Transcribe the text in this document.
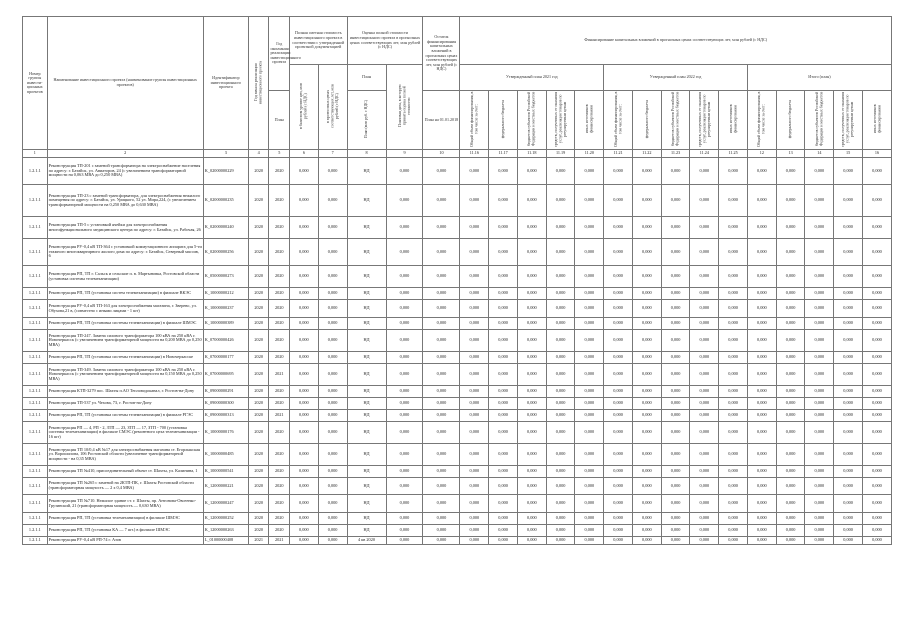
Номер группы инвести-ционных проектов	Наименование инвестиционного проекта (наименование группы инвестиционных проектов)	Идентификатор инвестиционного проекта	Год начала реализации инвестиционного проекта	Год окончания реализации инвестиционного проекта	Полная сметная стоимость инвестиционного проекта в соответствии с утвержденной проектной документацией		Оценка полной стоимости инвестиционного проекта в прогнозных ценах соответствующих лет, млн рублей (с НДС)		Остаток финансирования капитальных вложений в прогнозных ценах соответствующих лет, млн рублей (с НДС)	Финансирование капитальных вложений в прогнозных ценах соответствующих лет, млн рублей (с НДС)														
					в базисном уровне цен, млн рублей (с НДС)	в прогнозных ценах соответствующих лет, млн рублей (с НДС)	План	Плановая дата, в которую принята оценка полной стоимости		Утвержденный план 2021 год					Утвержденный план 2022 год					Итого (план)				
				План			План (млн руб. с НДС)		План на 01.01.2018	Общий объем финансирования, в том числе за счет:	федерального бюджета	бюджетов субъектов Российской Федерации и местных бюджетов	средств, полученных от оказания услуг, реализации товаров по регулируемым ценам	иных источников финансирования	Общий объем финансирования, в том числе за счет:	федерального бюджета	бюджетов субъектов Российской Федерации и местных бюджетов	средств, полученных от оказания услуг, реализации товаров по регулируемым ценам	иных источников финансирования	Общий объем финансирования, в том числе за счет:	федерального бюджета	бюджетов субъектов Российской Федерации и местных бюджетов	средств, полученных от оказания услуг, реализации товаров по регулируемым ценам	иных источников финансирования
1	2	3	4	5	6	7	8	9	10	11.16	11.17	11.18	11.19	11.20	11.21	11.22	11.23	11.24	11.25	12	13	14	15	16
1.2.1.1	Реконструкция ТП-201 с заменой трансформатора на электроснабжение населения по адресу: г. Батайск, ул. Авиаторов, 24 (с увеличением трансформаторной мощности на 0,063 МВА до 0,250 МВА)	K_02000000229	2020	2020	0,000	0,000	НД	0,000	0,000	0,000	0,000	0,000	0,000	0,000	0,000	0,000	0,000	0,000	0,000	0,000	0,000	0,000	0,000	0,000
1.2.1.1	Реконструкция ТП-23 с заменой трансформатора, для электроснабжения нежилого помещения по адресу: г. Батайск, ул. Урицкого, 52 ул. Мира,224, (с увеличением трансформаторной мощности на 0,250 МВА до 0,630 МВА)	K_02000000235	2020	2020	0,000	0,000	НД	0,000	0,000	0,000	0,000	0,000	0,000	0,000	0,000	0,000	0,000	0,000	0,000	0,000	0,000	0,000	0,000	0,000
1.2.1.1	Реконструкция ТП-5 с установкой ячейки для электроснабжения многофункционального медицинского центра по адресу: г. Батайск, ул. Рабочая, 26	K_02000000240	2020	2020	0,000	0,000	НД	0,000	0,000	0,000	0,000	0,000	0,000	0,000	0,000	0,000	0,000	0,000	0,000	0,000	0,000	0,000	0,000	0,000
1.2.1.1	Реконструкция РУ-0,4 кВ ТП-364 с установкой коммутационного аппарата для 5-ти этажного многоквартирного жилого дома по адресу: г. Батайск, Северный массив, 6	K_02000000256	2020	2020	0,000	0,000	НД	0,000	0,000	0,000	0,000	0,000	0,000	0,000	0,000	0,000	0,000	0,000	0,000	0,000	0,000	0,000	0,000	0,000
1.2.1.1	Реконструкция РП, ТП г. Сальск и сельские п. в. Мартыновка, Ростовской области (установка системы телемеханизации)	K_05000000273	2020	2020	0,000	0,000	НД	0,000	0,000	0,000	0,000	0,000	0,000	0,000	0,000	0,000	0,000	0,000	0,000	0,000	0,000	0,000	0,000	0,000
1.2.1.1	Реконструкция РП, ТП (установка систем телемеханизации) в филиале ВКЭС	K_10000000212	2020	2020	0,000	0,000	НД	0,000	0,000	0,000	0,000	0,000	0,000	0,000	0,000	0,000	0,000	0,000	0,000	0,000	0,000	0,000	0,000	0,000
1.2.1.1	Реконструкция РУ-0,4 кВ ТП-163 для электроснабжения магазина, г. Зверево, ул. Обухова,21 в, (совместно с иными лицами - 1 шт)	K_10000000237	2020	2020	0,000	0,000	НД	0,000	0,000	0,000	0,000	0,000	0,000	0,000	0,000	0,000	0,000	0,000	0,000	0,000	0,000	0,000	0,000	0,000
1.2.1.1	Реконструкция РП, ТП (установка системы телемеханизации) в филиале ШМЭС	K_10000000389	2020	2020	0,000	0,000	НД	0,000	0,000	0,000	0,000	0,000	0,000	0,000	0,000	0,000	0,000	0,000	0,000	0,000	0,000	0,000	0,000	0,000
1.2.1.1	Реконструкция ТП-247. Замена силового трансформатора 100 кВА на 250 кВА г. Новочеркасск (с увеличением трансформаторной мощности на 0,200 МВА до 0,250 МВА)	K_07000000426	2020	2020	0,000	0,000	НД	0,000	0,000	0,000	0,000	0,000	0,000	0,000	0,000	0,000	0,000	0,000	0,000	0,000	0,000	0,000	0,000	0,000
1.2.1.1	Реконструкция РП, ТП (установка системы телемеханизации) в Новочеркасске	K_07000000177	2020	2020	0,000	0,000	НД	0,000	0,000	0,000	0,000	0,000	0,000	0,000	0,000	0,000	0,000	0,000	0,000	0,000	0,000	0,000	0,000	0,000
1.2.1.1	Реконструкция ТП-349. Замена силового трансформатора 100 кВА на 250 кВА г. Новочеркасск (с увеличением трансформаторной мощности на 0,150 МВА до 0,250 МВА)	K_07000000695	2020	2021	0,000	0,000	НД	0,000	0,000	0,000	0,000	0,000	0,000	0,000	0,000	0,000	0,000	0,000	0,000	0,000	0,000	0,000	0,000	0,000
1.2.1.1	Реконструкция КТП-3279 пос. Шахты п.АО Тепловодоканал, г. Ростов-на-Дону	K_09000000291	2020	2020	0,000	0,000	НД	0,000	0,000	0,000	0,000	0,000	0,000	0,000	0,000	0,000	0,000	0,000	0,000	0,000	0,000	0,000	0,000	0,000
1.2.1.1	Реконструкция ТП-537 ул. Чехова, 73, г. Ростов-на-Дону	K_09000000300	2020	2020	0,000	0,000	НД	0,000	0,000	0,000	0,000	0,000	0,000	0,000	0,000	0,000	0,000	0,000	0,000	0,000	0,000	0,000	0,000	0,000
1.2.1.1	Реконструкция РП, ТП (установка системы телемеханизации) в филиале РГЭС	K_09000000313	2020	2021	0,000	0,000	НД	0,000	0,000	0,000	0,000	0,000	0,000	0,000	0,000	0,000	0,000	0,000	0,000	0,000	0,000	0,000	0,000	0,000
1.2.1.1	Реконструкция РП — 4, РП - 2, ЗТП — 23, ЗТП — 17, ЗТП - 700 (установка системы телемеханизации) в филиале СМЭС (ремонтного цеха телемеханизации - 16 шт)	K_10000000176	2020	2020	0,000	0,000	НД	0,000	0,000	0,000	0,000	0,000	0,000	0,000	0,000	0,000	0,000	0,000	0,000	0,000	0,000	0,000	0,000	0,000
1.2.1.1	Реконструкция ТП 10/0,4 кВ №17 для электроснабжения магазина ст. Егорлыкская ул. Ворошилова, 106 Ростовской области (увеличение трансформаторной мощности - на 0,35 МВА)	K_10000000485	2020	2020	0,000	0,000	НД	0,000	0,000	0,000	0,000	0,000	0,000	0,000	0,000	0,000	0,000	0,000	0,000	0,000	0,000	0,000	0,000	0,000
1.2.1.1	Реконструкция ТП №410, присоединительный объект ст. Шахты, ул. Калинина, 1	K_10000000541	2020	2020	0,000	0,000	НД	0,000	0,000	0,000	0,000	0,000	0,000	0,000	0,000	0,000	0,000	0,000	0,000	0,000	0,000	0,000	0,000	0,000
1.2.1.1	Реконструкция ТП №265 с заменой на 2КТП-ПК, г. Шахты Ростовской области (трансформаторная мощность — 2 х 0,4 МВА)	K_12000000221	2020	2020	0,000	0,000	НД	0,000	0,000	0,000	0,000	0,000	0,000	0,000	0,000	0,000	0,000	0,000	0,000	0,000	0,000	0,000	0,000	0,000
1.2.1.1	Реконструкция ТП №710. Нежилое здание ст. г. Шахты, пр. Антонова-Овсеенко-Грузинский, 21 (трансформаторная мощность — 0,630 МВА)	K_12000000247	2020	2020	0,000	0,000	НД	0,000	0,000	0,000	0,000	0,000	0,000	0,000	0,000	0,000	0,000	0,000	0,000	0,000	0,000	0,000	0,000	0,000
1.2.1.1	Реконструкция РП, ТП (установка телемеханизации) в филиале ШМЭС	K_12000000252	2020	2020	0,000	0,000	НД	0,000	0,000	0,000	0,000	0,000	0,000	0,000	0,000	0,000	0,000	0,000	0,000	0,000	0,000	0,000	0,000	0,000
1.2.1.1	Реконструкция РП, ТП (установка КА — 7 шт.) в филиале ШМЭС	K_12000000263	2020	2020	0,000	0,000	НД	0,000	0,000	0,000	0,000	0,000	0,000	0,000	0,000	0,000	0,000	0,000	0,000	0,000	0,000	0,000	0,000	0,000
1.2.1.1	Реконструкция РУ-0,4 кВ РП-74 г. Азов	L_01000000408	2021	2021	0,000	0,000	4 кв 2020	0,000	0,000	0,000	0,000	0,000	0,000	0,000	0,000	0,000	0,000	0,000	0,000	0,000	0,000	0,000	0,000	0,000
